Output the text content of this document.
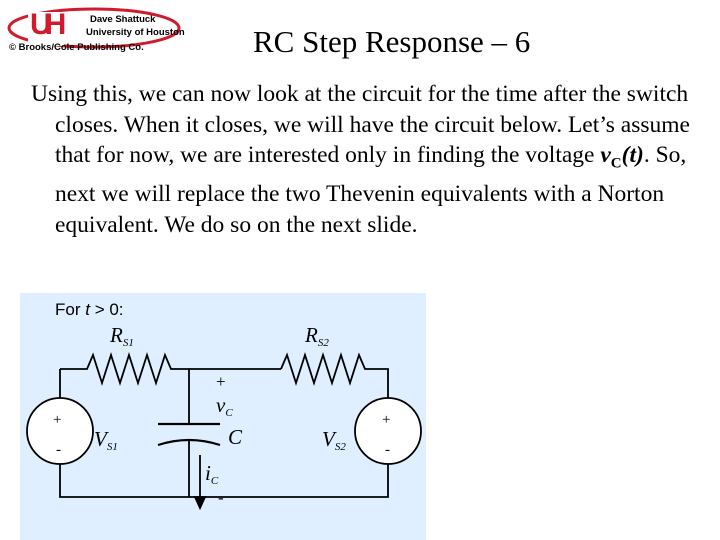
UH	Dave Shattuck
University of Houston
© Brooks/Cole Publishing Co.	RC Step Response – 6

Using this, we can now look at the circuit for the time after the switch closes. When it closes, we will have the circuit below. Let’s assume that for now, we are interested only in finding the voltage $v_C(t)$. So, next we will replace the two Thevenin equivalents with a Norton equivalent. We do so on the next slide.

For t > 0:
$R_{S1}$	$R_{S2}$
+
-
+
-
$V_{S1}$	$V_{S2}$
+
$v_C$
C
$i_C$
-
